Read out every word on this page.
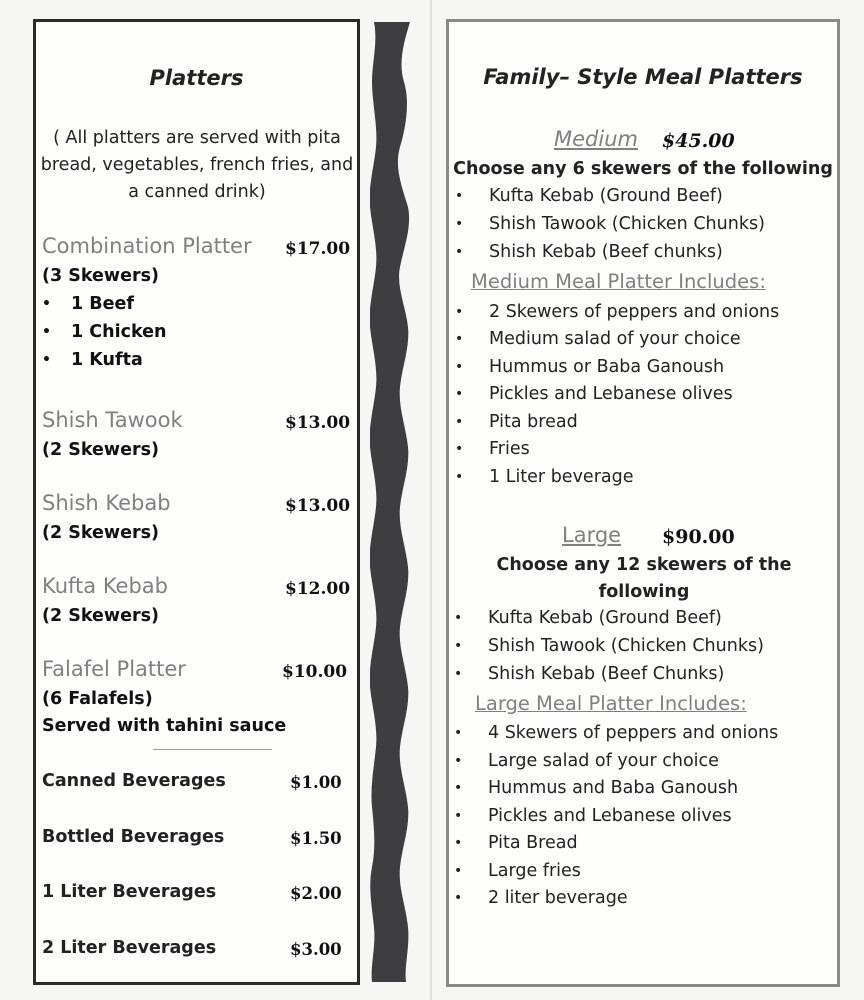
Platters
( All platters are served with pita bread, vegetables, french fries, and a canned drink)
Combination Platter $17.00
(3 Skewers)
• 1 Beef
• 1 Chicken
• 1 Kufta
Shish Tawook	$13.00
(2 Skewers)
Shish Kebab	$13.00
(2 Skewers)
Kufta Kebab	$12.00
(2 Skewers)
Falafel Platter	$10.00
(6 Falafels)
Served with tahini sauce
Canned Beverages	$1.00
Bottled Beverages	$1.50
1 Liter Beverages	$2.00
2 Liter Beverages	$3.00
Family– Style Meal Platters
Medium $45.00
Choose any 6 skewers of the following
• Kufta Kebab (Ground Beef)
• Shish Tawook (Chicken Chunks)
• Shish Kebab (Beef chunks)
Medium Meal Platter Includes:
• 2 Skewers of peppers and onions
• Medium salad of your choice
• Hummus or Baba Ganoush
• Pickles and Lebanese olives
• Pita bread
• Fries
• 1 Liter beverage
Large $90.00
Choose any 12 skewers of the following
• Kufta Kebab (Ground Beef)
• Shish Tawook (Chicken Chunks)
• Shish Kebab (Beef Chunks)
Large Meal Platter Includes:
• 4 Skewers of peppers and onions
• Large salad of your choice
• Hummus and Baba Ganoush
• Pickles and Lebanese olives
• Pita Bread
• Large fries
• 2 liter beverage
